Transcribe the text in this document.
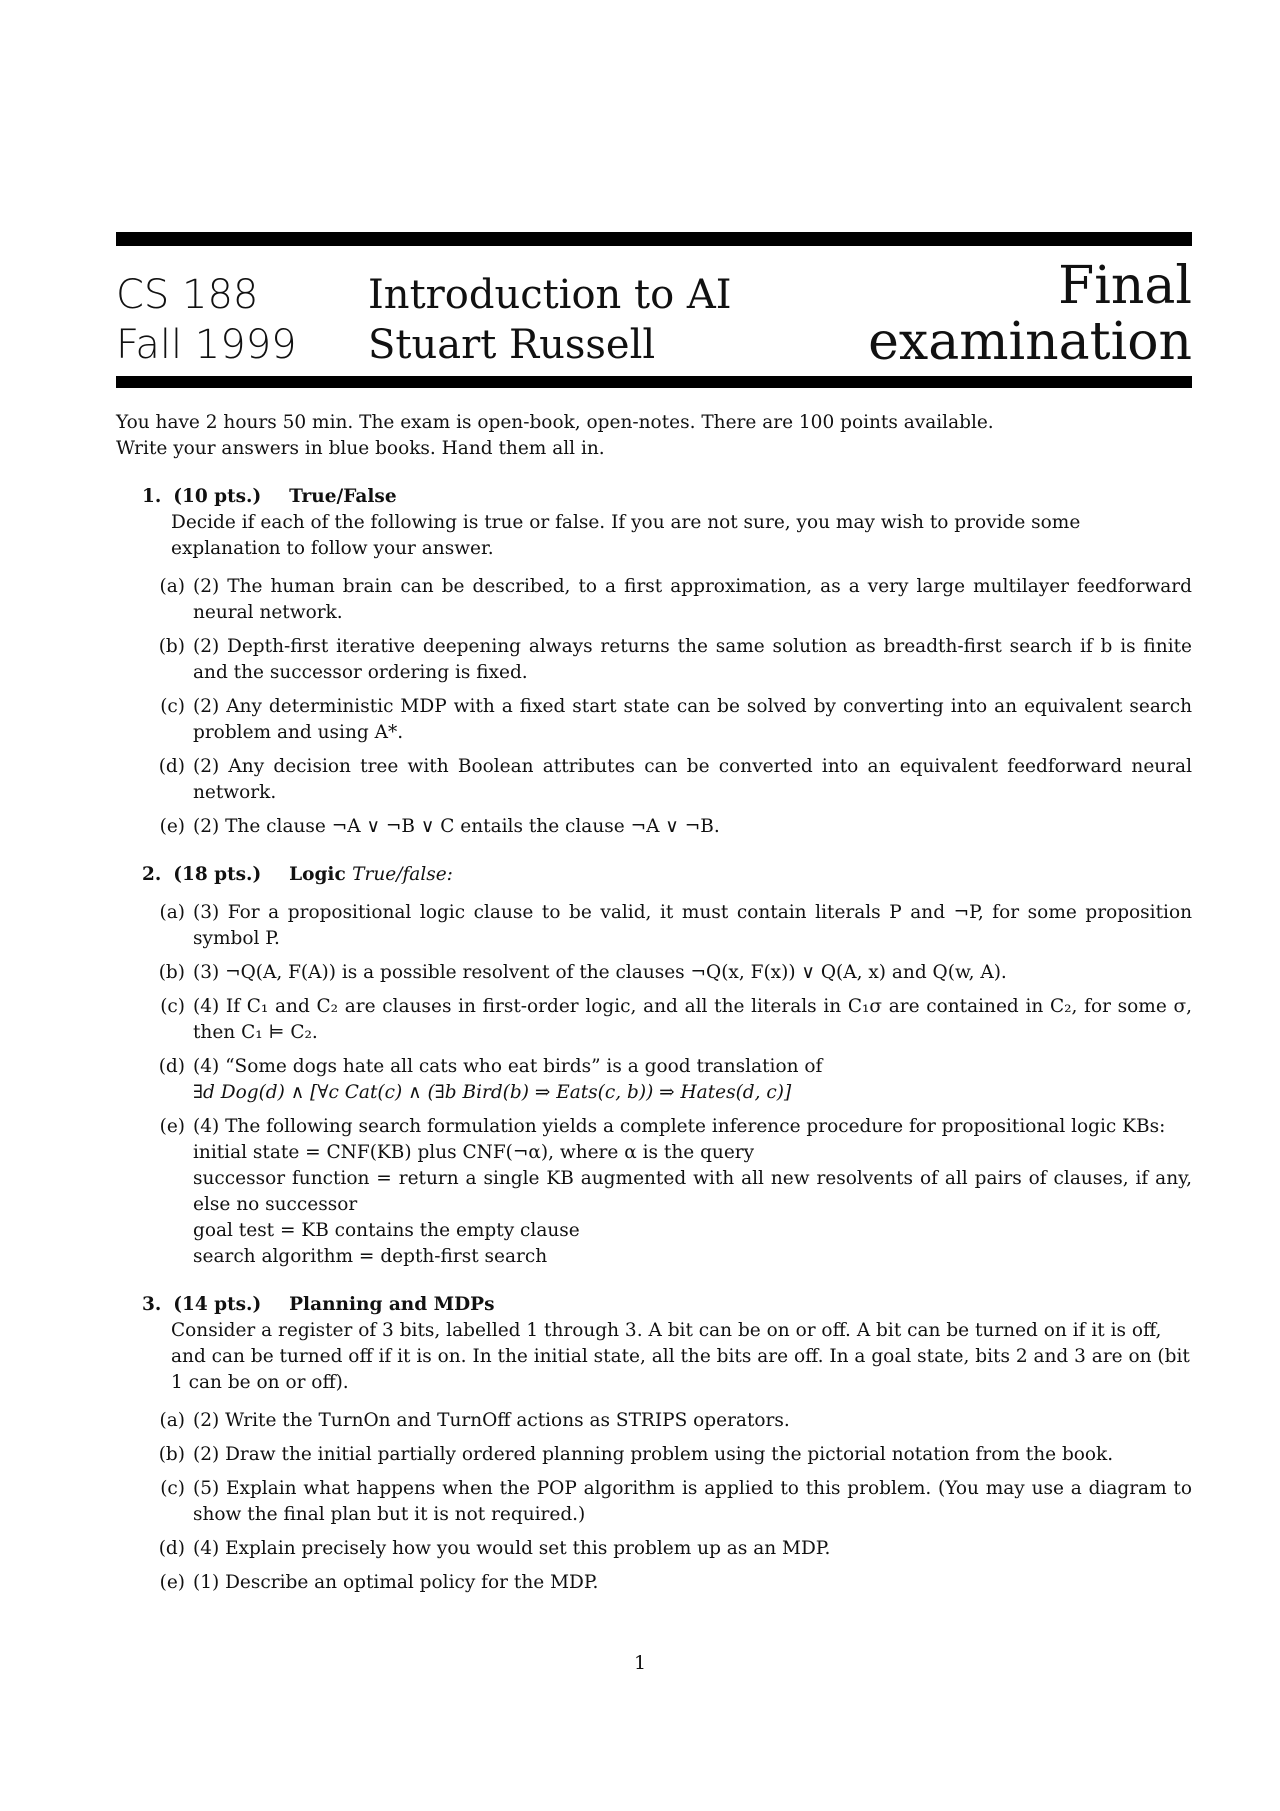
CS 188
Fall 1999
Introduction to AI
Stuart Russell
Final examination
You have 2 hours 50 min. The exam is open-book, open-notes. There are 100 points available.
Write your answers in blue books. Hand them all in.
1. (10 pts.) True/False
Decide if each of the following is true or false. If you are not sure, you may wish to provide some explanation to follow your answer.
(a) (2) The human brain can be described, to a first approximation, as a very large multilayer feedforward neural network.
(b) (2) Depth-first iterative deepening always returns the same solution as breadth-first search if b is finite and the successor ordering is fixed.
(c) (2) Any deterministic MDP with a fixed start state can be solved by converting into an equivalent search problem and using A*.
(d) (2) Any decision tree with Boolean attributes can be converted into an equivalent feedforward neural network.
(e) (2) The clause ¬A ∨ ¬B ∨ C entails the clause ¬A ∨ ¬B.
2. (18 pts.) Logic True/false:
(a) (3) For a propositional logic clause to be valid, it must contain literals P and ¬P, for some proposition symbol P.
(b) (3) ¬Q(A, F(A)) is a possible resolvent of the clauses ¬Q(x, F(x)) ∨ Q(A, x) and Q(w, A).
(c) (4) If C₁ and C₂ are clauses in first-order logic, and all the literals in C₁σ are contained in C₂, for some σ, then C₁ ⊨ C₂.
(d) (4) “Some dogs hate all cats who eat birds” is a good translation of
∃d Dog(d) ∧ [∀c Cat(c) ∧ (∃b Bird(b) ⇒ Eats(c, b)) ⇒ Hates(d, c)]
(e) (4) The following search formulation yields a complete inference procedure for propositional logic KBs:
initial state = CNF(KB) plus CNF(¬α), where α is the query
successor function = return a single KB augmented with all new resolvents of all pairs of clauses, if any, else no successor
goal test = KB contains the empty clause
search algorithm = depth-first search
3. (14 pts.) Planning and MDPs
Consider a register of 3 bits, labelled 1 through 3. A bit can be on or off. A bit can be turned on if it is off, and can be turned off if it is on. In the initial state, all the bits are off. In a goal state, bits 2 and 3 are on (bit 1 can be on or off).
(a) (2) Write the TurnOn and TurnOff actions as STRIPS operators.
(b) (2) Draw the initial partially ordered planning problem using the pictorial notation from the book.
(c) (5) Explain what happens when the POP algorithm is applied to this problem. (You may use a diagram to show the final plan but it is not required.)
(d) (4) Explain precisely how you would set this problem up as an MDP.
(e) (1) Describe an optimal policy for the MDP.
1
